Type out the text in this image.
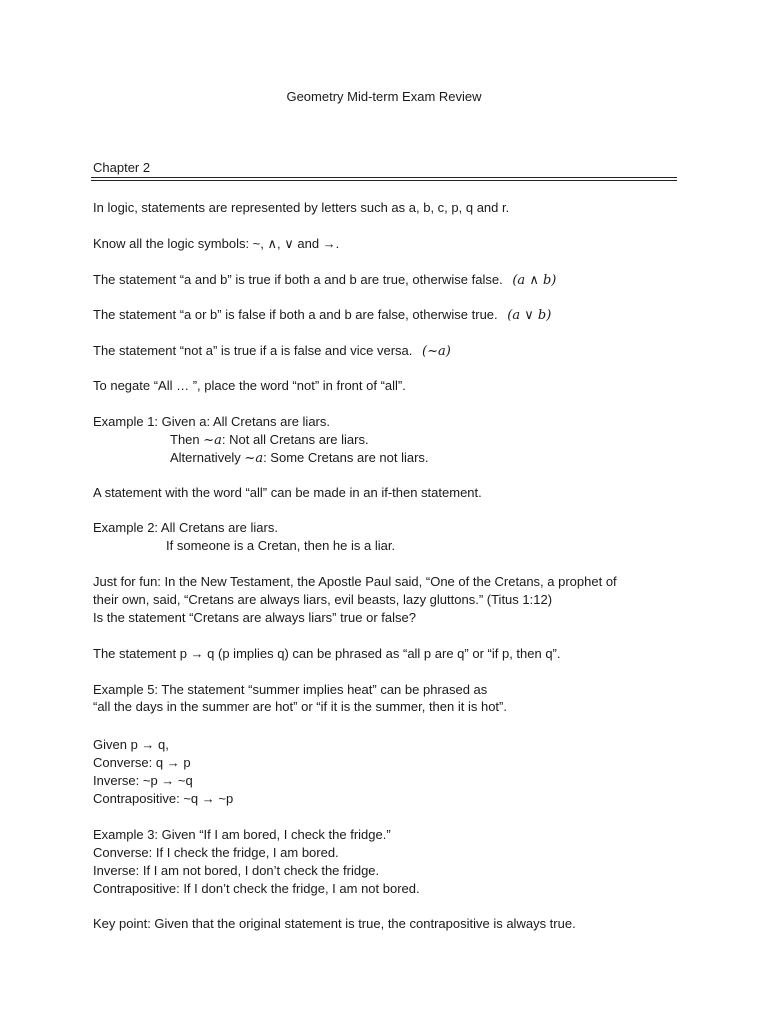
Geometry Mid-term Exam Review
Chapter 2
In logic, statements are represented by letters such as a, b, c, p, q and r.
Know all the logic symbols: ~, ∧, ∨ and →.
The statement “a and b” is true if both a and b are true, otherwise false. (a ∧ b)
The statement “a or b” is false if both a and b are false, otherwise true. (a ∨ b)
The statement “not a” is true if a is false and vice versa. (~a)
To negate “All … ”, place the word “not” in front of “all”.
Example 1: Given a: All Cretans are liars.
Then ~a: Not all Cretans are liars.
Alternatively ~a: Some Cretans are not liars.
A statement with the word “all” can be made in an if-then statement.
Example 2: All Cretans are liars.
If someone is a Cretan, then he is a liar.
Just for fun: In the New Testament, the Apostle Paul said, “One of the Cretans, a prophet of
their own, said, “Cretans are always liars, evil beasts, lazy gluttons.” (Titus 1:12)
Is the statement “Cretans are always liars” true or false?
The statement p → q (p implies q) can be phrased as “all p are q” or “if p, then q”.
Example 5: The statement “summer implies heat” can be phrased as
“all the days in the summer are hot” or “if it is the summer, then it is hot”.
Given p → q,
Converse: q → p
Inverse: ~p → ~q
Contrapositive: ~q → ~p
Example 3: Given “If I am bored, I check the fridge.”
Converse: If I check the fridge, I am bored.
Inverse: If I am not bored, I don’t check the fridge.
Contrapositive: If I don’t check the fridge, I am not bored.
Key point: Given that the original statement is true, the contrapositive is always true.
